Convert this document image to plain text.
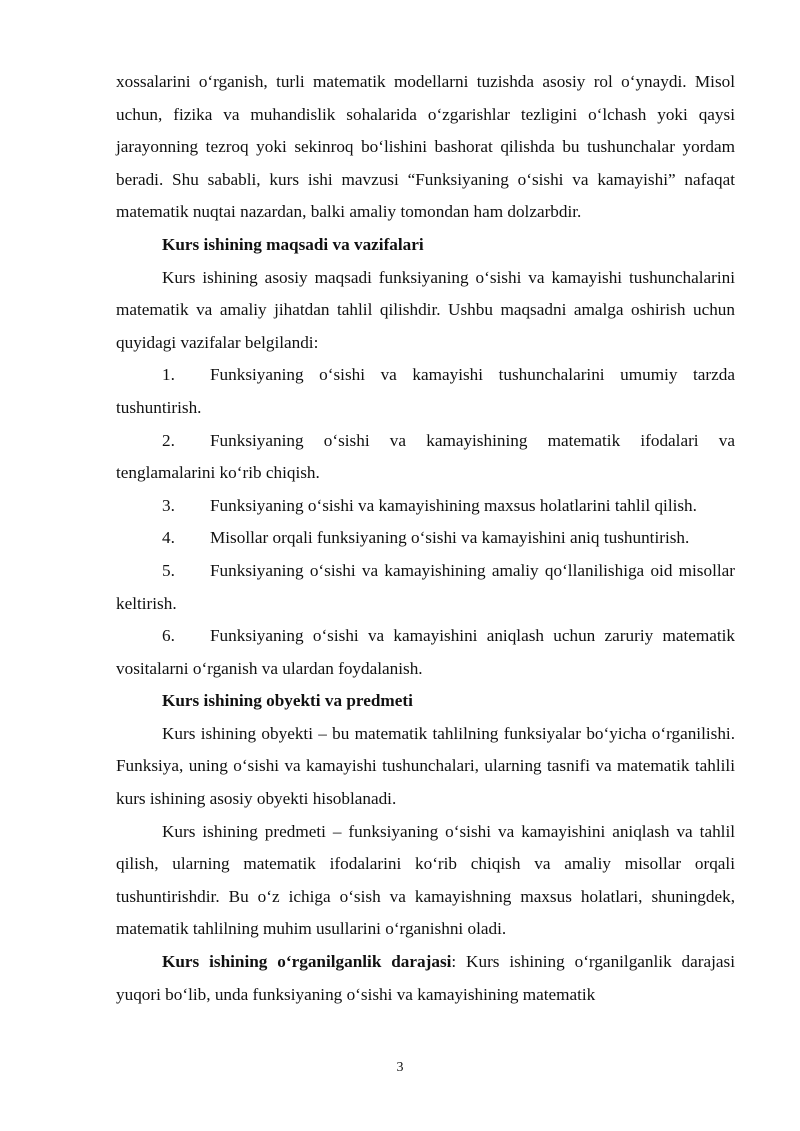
xossalarini o‘rganish, turli matematik modellarni tuzishda asosiy rol o‘ynaydi. Misol uchun, fizika va muhandislik sohalarida o‘zgarishlar tezligini o‘lchash yoki qaysi jarayonning tezroq yoki sekinroq bo‘lishini bashorat qilishda bu tushunchalar yordam beradi. Shu sababli, kurs ishi mavzusi “Funksiyaning o‘sishi va kamayishi” nafaqat matematik nuqtai nazardan, balki amaliy tomondan ham dolzarbdir.

Kurs ishining maqsadi va vazifalari

Kurs ishining asosiy maqsadi funksiyaning o‘sishi va kamayishi tushunchalarini matematik va amaliy jihatdan tahlil qilishdir. Ushbu maqsadni amalga oshirish uchun quyidagi vazifalar belgilandi:

1. Funksiyaning o‘sishi va kamayishi tushunchalarini umumiy tarzda tushuntirish.

2. Funksiyaning o‘sishi va kamayishining matematik ifodalari va tenglamalarini ko‘rib chiqish.

3. Funksiyaning o‘sishi va kamayishining maxsus holatlarini tahlil qilish.

4. Misollar orqali funksiyaning o‘sishi va kamayishini aniq tushuntirish.

5. Funksiyaning o‘sishi va kamayishining amaliy qo‘llanilishiga oid misollar keltirish.

6. Funksiyaning o‘sishi va kamayishini aniqlash uchun zaruriy matematik vositalarni o‘rganish va ulardan foydalanish.

Kurs ishining obyekti va predmeti

Kurs ishining obyekti – bu matematik tahlilning funksiyalar bo‘yicha o‘rganilishi. Funksiya, uning o‘sishi va kamayishi tushunchalari, ularning tasnifi va matematik tahlili kurs ishining asosiy obyekti hisoblanadi.

Kurs ishining predmeti – funksiyaning o‘sishi va kamayishini aniqlash va tahlil qilish, ularning matematik ifodalarini ko‘rib chiqish va amaliy misollar orqali tushuntirishdir. Bu o‘z ichiga o‘sish va kamayishning maxsus holatlari, shuningdek, matematik tahlilning muhim usullarini o‘rganishni oladi.

Kurs ishining o‘rganilganlik darajasi: Kurs ishining o‘rganilganlik darajasi yuqori bo‘lib, unda funksiyaning o‘sishi va kamayishining matematik

3
